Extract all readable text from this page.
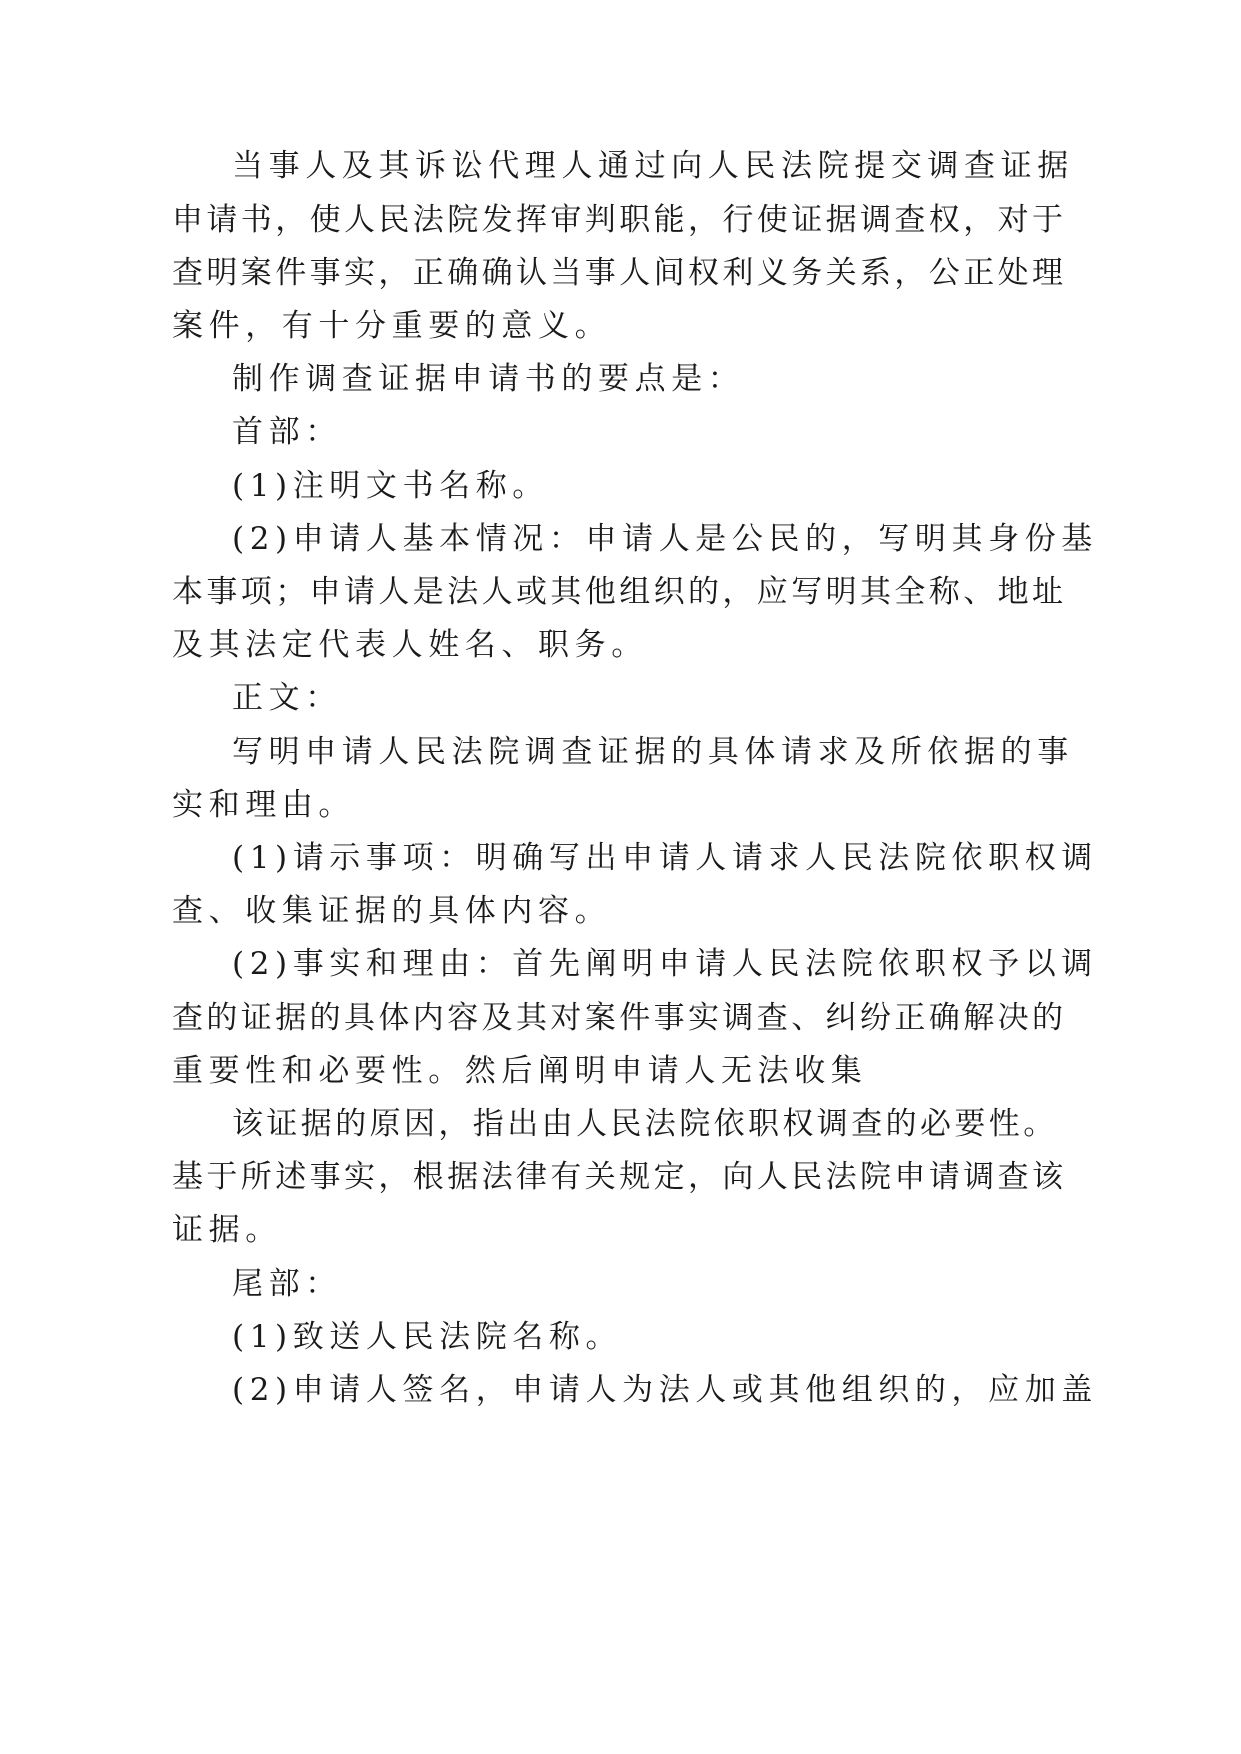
当事人及其诉讼代理人通过向人民法院提交调查证据
申请书，使人民法院发挥审判职能，行使证据调查权，对于
查明案件事实，正确确认当事人间权利义务关系，公正处理
案件，有十分重要的意义。
制作调查证据申请书的要点是：
首部：
(1)注明文书名称。
(2)申请人基本情况：申请人是公民的，写明其身份基
本事项；申请人是法人或其他组织的，应写明其全称、地址
及其法定代表人姓名、职务。
正文：
写明申请人民法院调查证据的具体请求及所依据的事
实和理由。
(1)请示事项：明确写出申请人请求人民法院依职权调
查、收集证据的具体内容。
(2)事实和理由：首先阐明申请人民法院依职权予以调
查的证据的具体内容及其对案件事实调查、纠纷正确解决的
重要性和必要性。然后阐明申请人无法收集
该证据的原因，指出由人民法院依职权调查的必要性。
基于所述事实，根据法律有关规定，向人民法院申请调查该
证据。
尾部：
(1)致送人民法院名称。
(2)申请人签名，申请人为法人或其他组织的，应加盖
